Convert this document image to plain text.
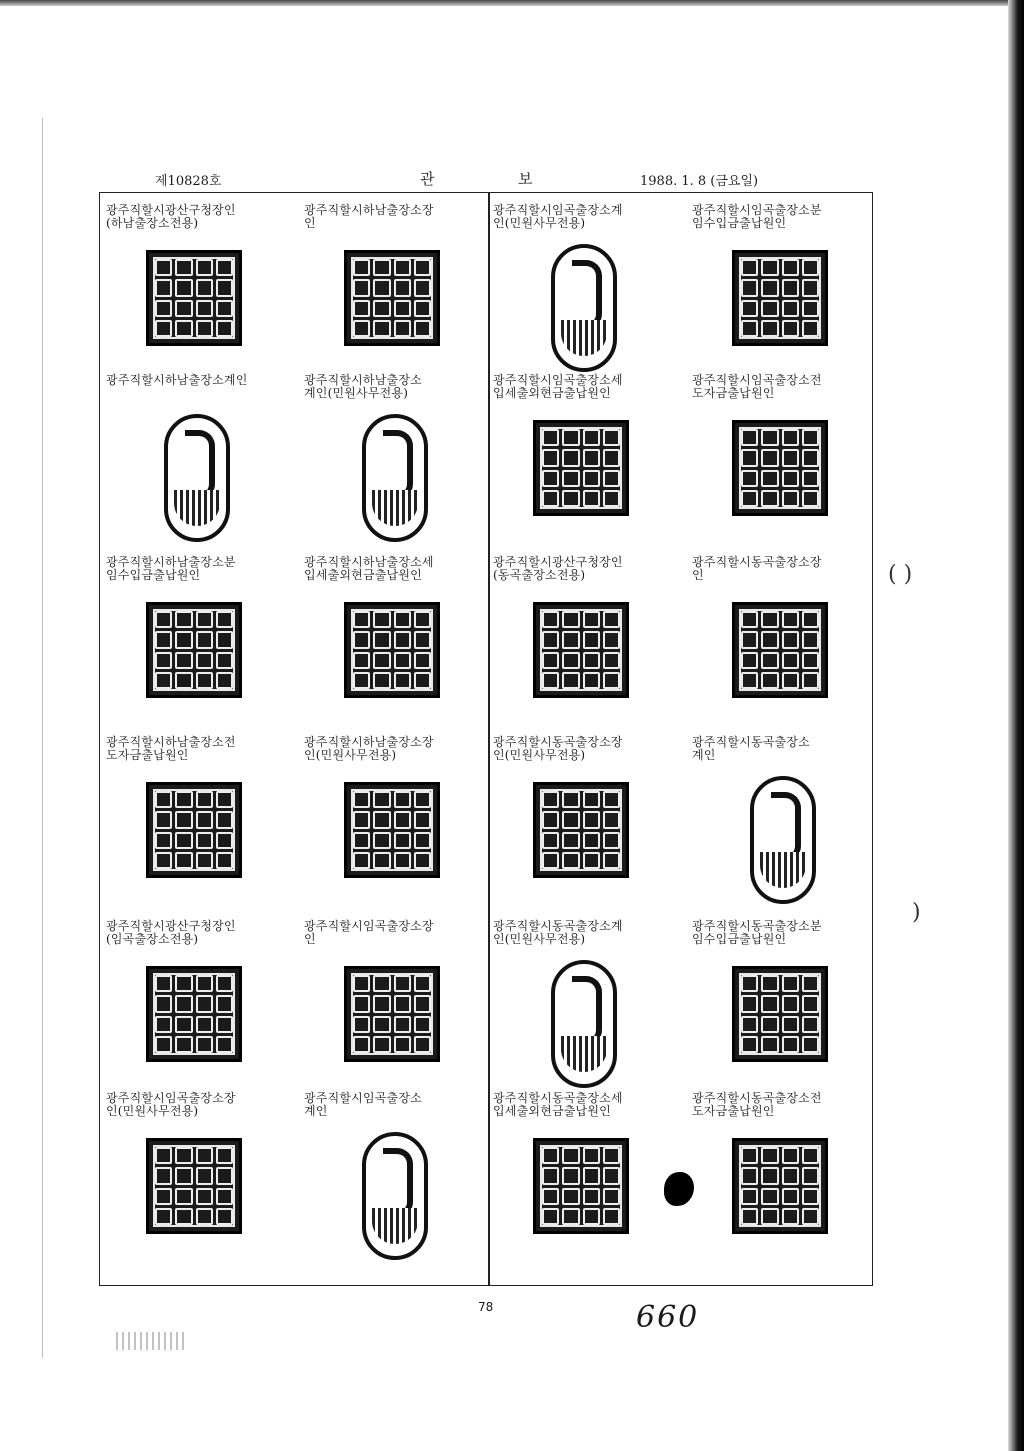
제10828호	관	보	1988. 1. 8 (금요일)

광주직할시광산구청장인
(하남출장소전용)

광주직할시하남출장소장
인

광주직할시임곡출장소계
인(민원사무전용)

광주직할시임곡출장소분
임수입금출납원인

광주직할시하남출장소계인	광주직할시하남출장소
계인(민원사무전용)

광주직할시임곡출장소세
입세출외현금출납원인

광주직할시임곡출장소전
도자금출납원인

광주직할시하남출장소분
임수입금출납원인

광주직할시하남출장소세
입세출외현금출납원인

광주직할시광산구청장인
(동곡출장소전용)

광주직할시동곡출장소장
인

광주직할시하남출장소전
도자금출납원인

광주직할시하남출장소장
인(민원사무전용)

광주직할시동곡출장소장
인(민원사무전용)

광주직할시동곡출장소
계인

광주직할시광산구청장인
(임곡출장소전용)

광주직할시임곡출장소장
인

광주직할시동곡출장소계
인(민원사무전용)

광주직할시동곡출장소분
임수입금출납원인

광주직할시임곡출장소장
인(민원사무전용)

광주직할시임곡출장소
계인

광주직할시동곡출장소세
입세출외현금출납원인

광주직할시동곡출장소전
도자금출납원인

( )
)
78	660
